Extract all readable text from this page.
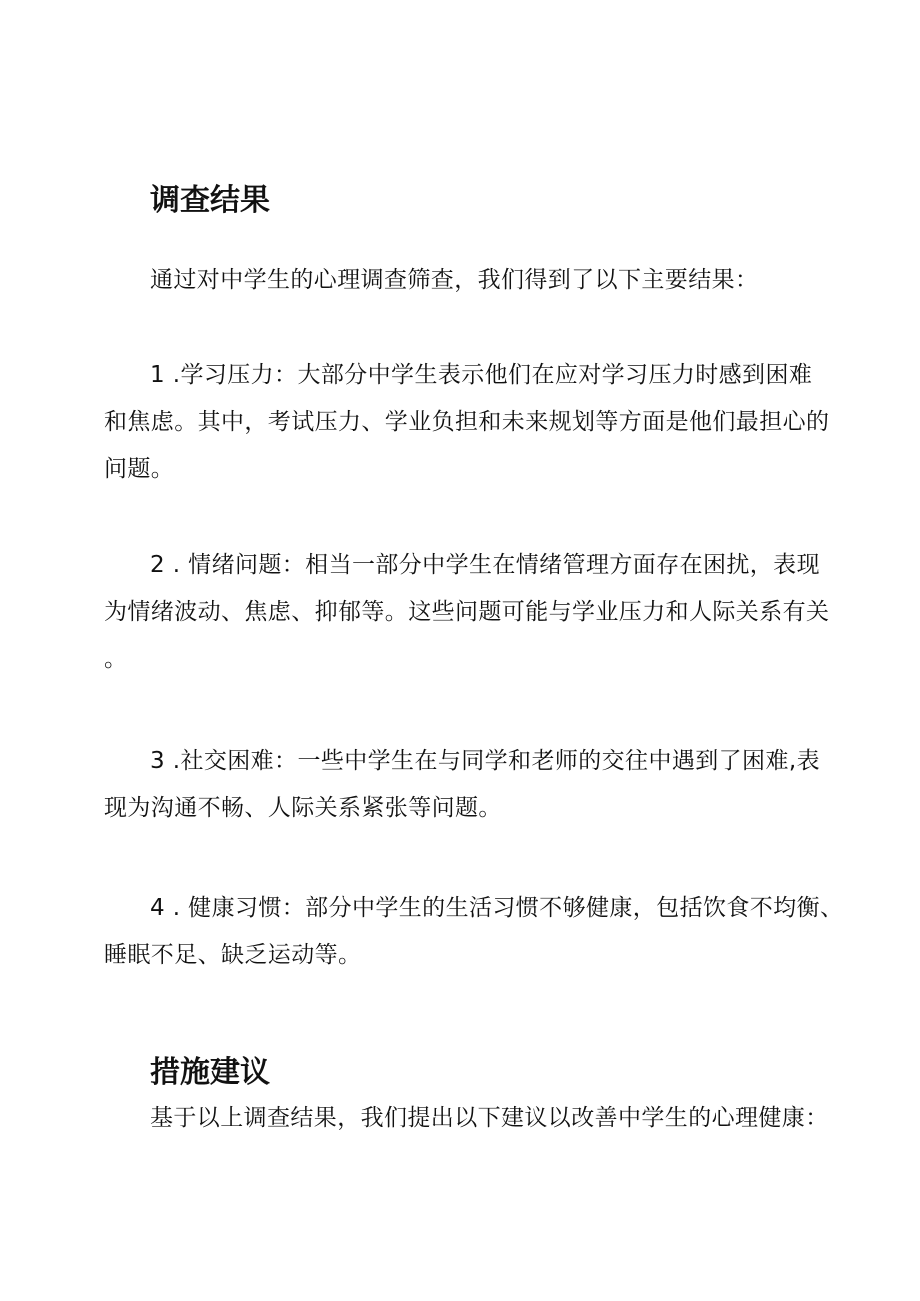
调查结果
通过对中学生的心理调查筛查，我们得到了以下主要结果：
1 .学习压力：大部分中学生表示他们在应对学习压力时感到困难
和焦虑。其中，考试压力、学业负担和未来规划等方面是他们最担心的
问题。
2 . 情绪问题：相当一部分中学生在情绪管理方面存在困扰，表现
为情绪波动、焦虑、抑郁等。这些问题可能与学业压力和人际关系有关
。
3 .社交困难：一些中学生在与同学和老师的交往中遇到了困难,表
现为沟通不畅、人际关系紧张等问题。
4 . 健康习惯：部分中学生的生活习惯不够健康，包括饮食不均衡、
睡眠不足、缺乏运动等。
措施建议
基于以上调查结果，我们提出以下建议以改善中学生的心理健康：
